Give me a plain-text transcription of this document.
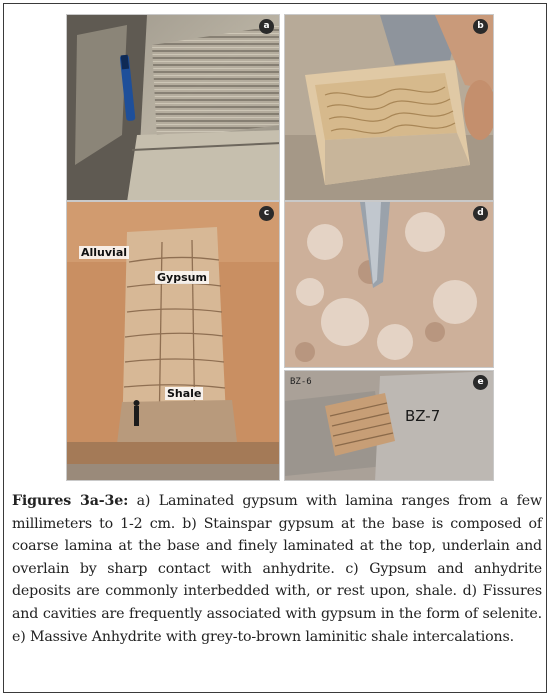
a	b
c
Alluvial
Gypsum
Shale
d
e
BZ-6
BZ-7

Figures 3a-3e: a) Laminated gypsum with lamina ranges from a few millimeters to 1-2 cm. b) Stainspar gypsum at the base is composed of coarse lamina at the base and finely laminated at the top, underlain and overlain by sharp contact with anhydrite. c) Gypsum and anhydrite deposits are commonly interbedded with, or rest upon, shale. d) Fissures and cavities are frequently associated with gypsum in the form of selenite. e) Massive Anhydrite with grey-to-brown laminitic shale intercalations.
